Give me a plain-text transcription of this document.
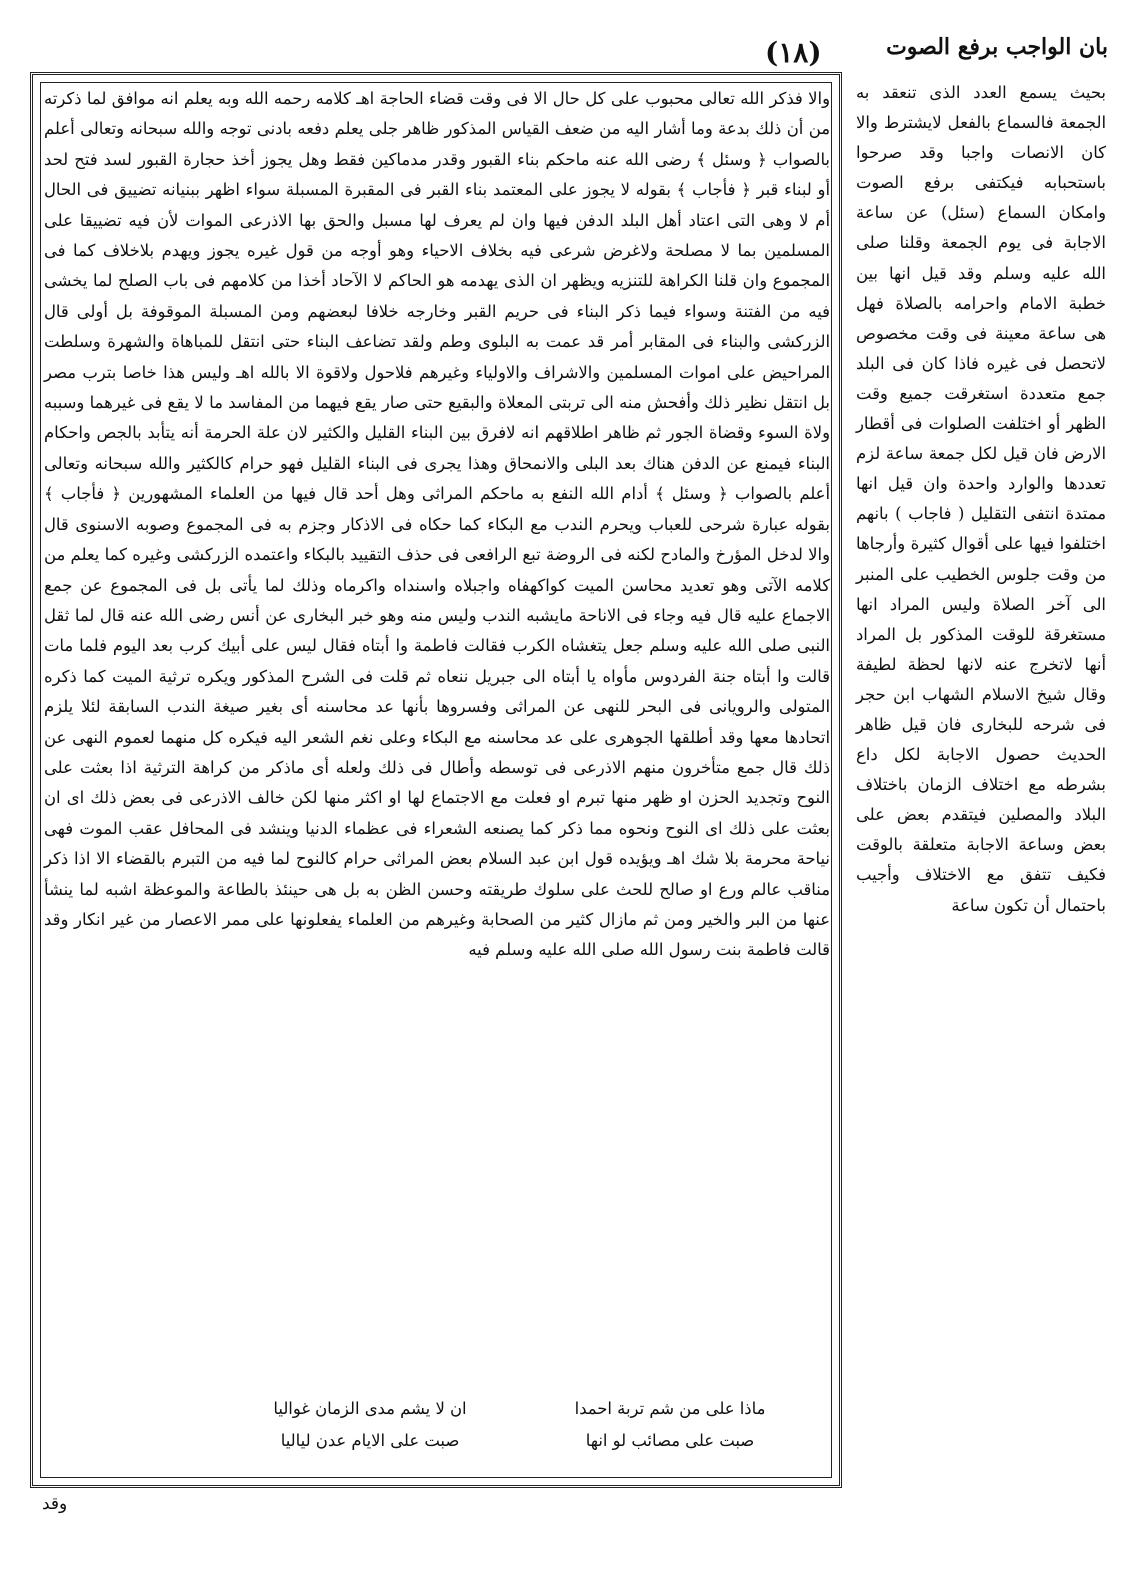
(١٨)	بان الواجب برفع الصوت

والا فذكر الله تعالى محبوب على كل حال الا فى وقت قضاء الحاجة اهـ كلامه رحمه الله وبه يعلم انه موافق لما ذكرته من أن ذلك بدعة وما أشار اليه من ضعف القياس المذكور ظاهر جلى يعلم دفعه بادنى توجه والله سبحانه وتعالى أعلم بالصواب ﴿ وسئل ﴾ رضى الله عنه ماحكم بناء القبور وقدر مدماكين فقط وهل يجوز أخذ حجارة القبور لسد فتح لحد أو لبناء قبر ﴿ فأجاب ﴾ بقوله لا يجوز على المعتمد بناء القبر فى المقبرة المسبلة سواء اظهر ببنيانه تضييق فى الحال أم لا وهى التى اعتاد أهل البلد الدفن فيها وان لم يعرف لها مسبل والحق بها الاذرعى الموات لأن فيه تضييقا على المسلمين بما لا مصلحة ولاغرض شرعى فيه بخلاف الاحياء وهو أوجه من قول غيره يجوز ويهدم بلاخلاف كما فى المجموع وان قلنا الكراهة للتنزيه ويظهر ان الذى يهدمه هو الحاكم لا الآحاد أخذا من كلامهم فى باب الصلح لما يخشى فيه من الفتنة وسواء فيما ذكر البناء فى حريم القبر وخارجه خلافا لبعضهم ومن المسبلة الموقوفة بل أولى قال الزركشى والبناء فى المقابر أمر قد عمت به البلوى وطم ولقد تضاعف البناء حتى انتقل للمباهاة والشهرة وسلطت المراحيض على اموات المسلمين والاشراف والاولياء وغيرهم فلاحول ولاقوة الا بالله اهـ وليس هذا خاصا بترب مصر بل انتقل نظير ذلك وأفحش منه الى تربتى المعلاة والبقيع حتى صار يقع فيهما من المفاسد ما لا يقع فى غيرهما وسببه ولاة السوء وقضاة الجور ثم ظاهر اطلاقهم انه لافرق بين البناء القليل والكثير لان علة الحرمة أنه يتأبد بالجص واحكام البناء فيمنع عن الدفن هناك بعد البلى والانمحاق وهذا يجرى فى البناء القليل فهو حرام كالكثير والله سبحانه وتعالى أعلم بالصواب ﴿ وسئل ﴾ أدام الله النفع به ماحكم المراثى وهل أحد قال فيها من العلماء المشهورين ﴿ فأجاب ﴾ بقوله عبارة شرحى للعباب ويحرم الندب مع البكاء كما حكاه فى الاذكار وجزم به فى المجموع وصوبه الاسنوى قال والا لدخل المؤرخ والمادح لكنه فى الروضة تبع الرافعى فى حذف التقييد بالبكاء واعتمده الزركشى وغيره كما يعلم من كلامه الآتى وهو تعديد محاسن الميت كواكهفاه واجبلاه واسنداه واكرماه وذلك لما يأتى بل فى المجموع عن جمع الاجماع عليه قال فيه وجاء فى الاناحة مايشبه الندب وليس منه وهو خبر البخارى عن أنس رضى الله عنه قال لما ثقل النبى صلى الله عليه وسلم جعل يتغشاه الكرب فقالت فاطمة وا أبتاه فقال ليس على أبيك كرب بعد اليوم فلما مات قالت وا أبتاه جنة الفردوس مأواه يا أبتاه الى جبريل ننعاه ثم قلت فى الشرح المذكور ويكره ترثية الميت كما ذكره المتولى والرويانى فى البحر للنهى عن المراثى وفسروها بأنها عد محاسنه أى بغير صيغة الندب السابقة لئلا يلزم اتحادها معها وقد أطلقها الجوهرى على عد محاسنه مع البكاء وعلى نغم الشعر اليه فيكره كل منهما لعموم النهى عن ذلك قال جمع متأخرون منهم الاذرعى فى توسطه وأطال فى ذلك ولعله أى ماذكر من كراهة الترثية اذا بعثت على النوح وتجديد الحزن او ظهر منها تبرم او فعلت مع الاجتماع لها او اكثر منها لكن خالف الاذرعى فى بعض ذلك اى ان بعثت على ذلك اى النوح ونحوه مما ذكر كما يصنعه الشعراء فى عظماء الدنيا وينشد فى المحافل عقب الموت فهى نياحة محرمة بلا شك اهـ ويؤيده قول ابن عبد السلام بعض المراثى حرام كالنوح لما فيه من التبرم بالقضاء الا اذا ذكر مناقب عالم ورع او صالح للحث على سلوك طريقته وحسن الظن به بل هى حينئذ بالطاعة والموعظة اشبه لما ينشأ عنها من البر والخير ومن ثم مازال كثير من الصحابة وغيرهم من العلماء يفعلونها على ممر الاعصار من غير انكار وقد قالت فاطمة بنت رسول الله صلى الله عليه وسلم فيه

ماذا على من شم تربة احمدا
ان لا يشم مدى الزمان غواليا
صبت على مصائب لو انها
صبت على الايام عدن لياليا

بحيث يسمع العدد الذى تنعقد به الجمعة فالسماع بالفعل لايشترط والا كان الانصات واجبا وقد صرحوا باستحبابه فيكتفى برفع الصوت وامكان السماع (سئل) عن ساعة الاجابة فى يوم الجمعة وقلنا صلى الله عليه وسلم وقد قيل انها بين خطبة الامام واحرامه بالصلاة فهل هى ساعة معينة فى وقت مخصوص لاتحصل فى غيره فاذا كان فى البلد جمع متعددة استغرقت جميع وقت الظهر أو اختلفت الصلوات فى أقطار الارض فان قيل لكل جمعة ساعة لزم تعددها والوارد واحدة وان قيل انها ممتدة انتفى التقليل ( فاجاب ) بانهم اختلفوا فيها على أقوال كثيرة وأرجاها من وقت جلوس الخطيب على المنبر الى آخر الصلاة وليس المراد انها مستغرقة للوقت المذكور بل المراد أنها لاتخرج عنه لانها لحظة لطيفة وقال شيخ الاسلام الشهاب ابن حجر فى شرحه للبخارى فان قيل ظاهر الحديث حصول الاجابة لكل داع بشرطه مع اختلاف الزمان باختلاف البلاد والمصلين فيتقدم بعض على بعض وساعة الاجابة متعلقة بالوقت فكيف تتفق مع الاختلاف وأجيب باحتمال أن تكون ساعة

وقد
